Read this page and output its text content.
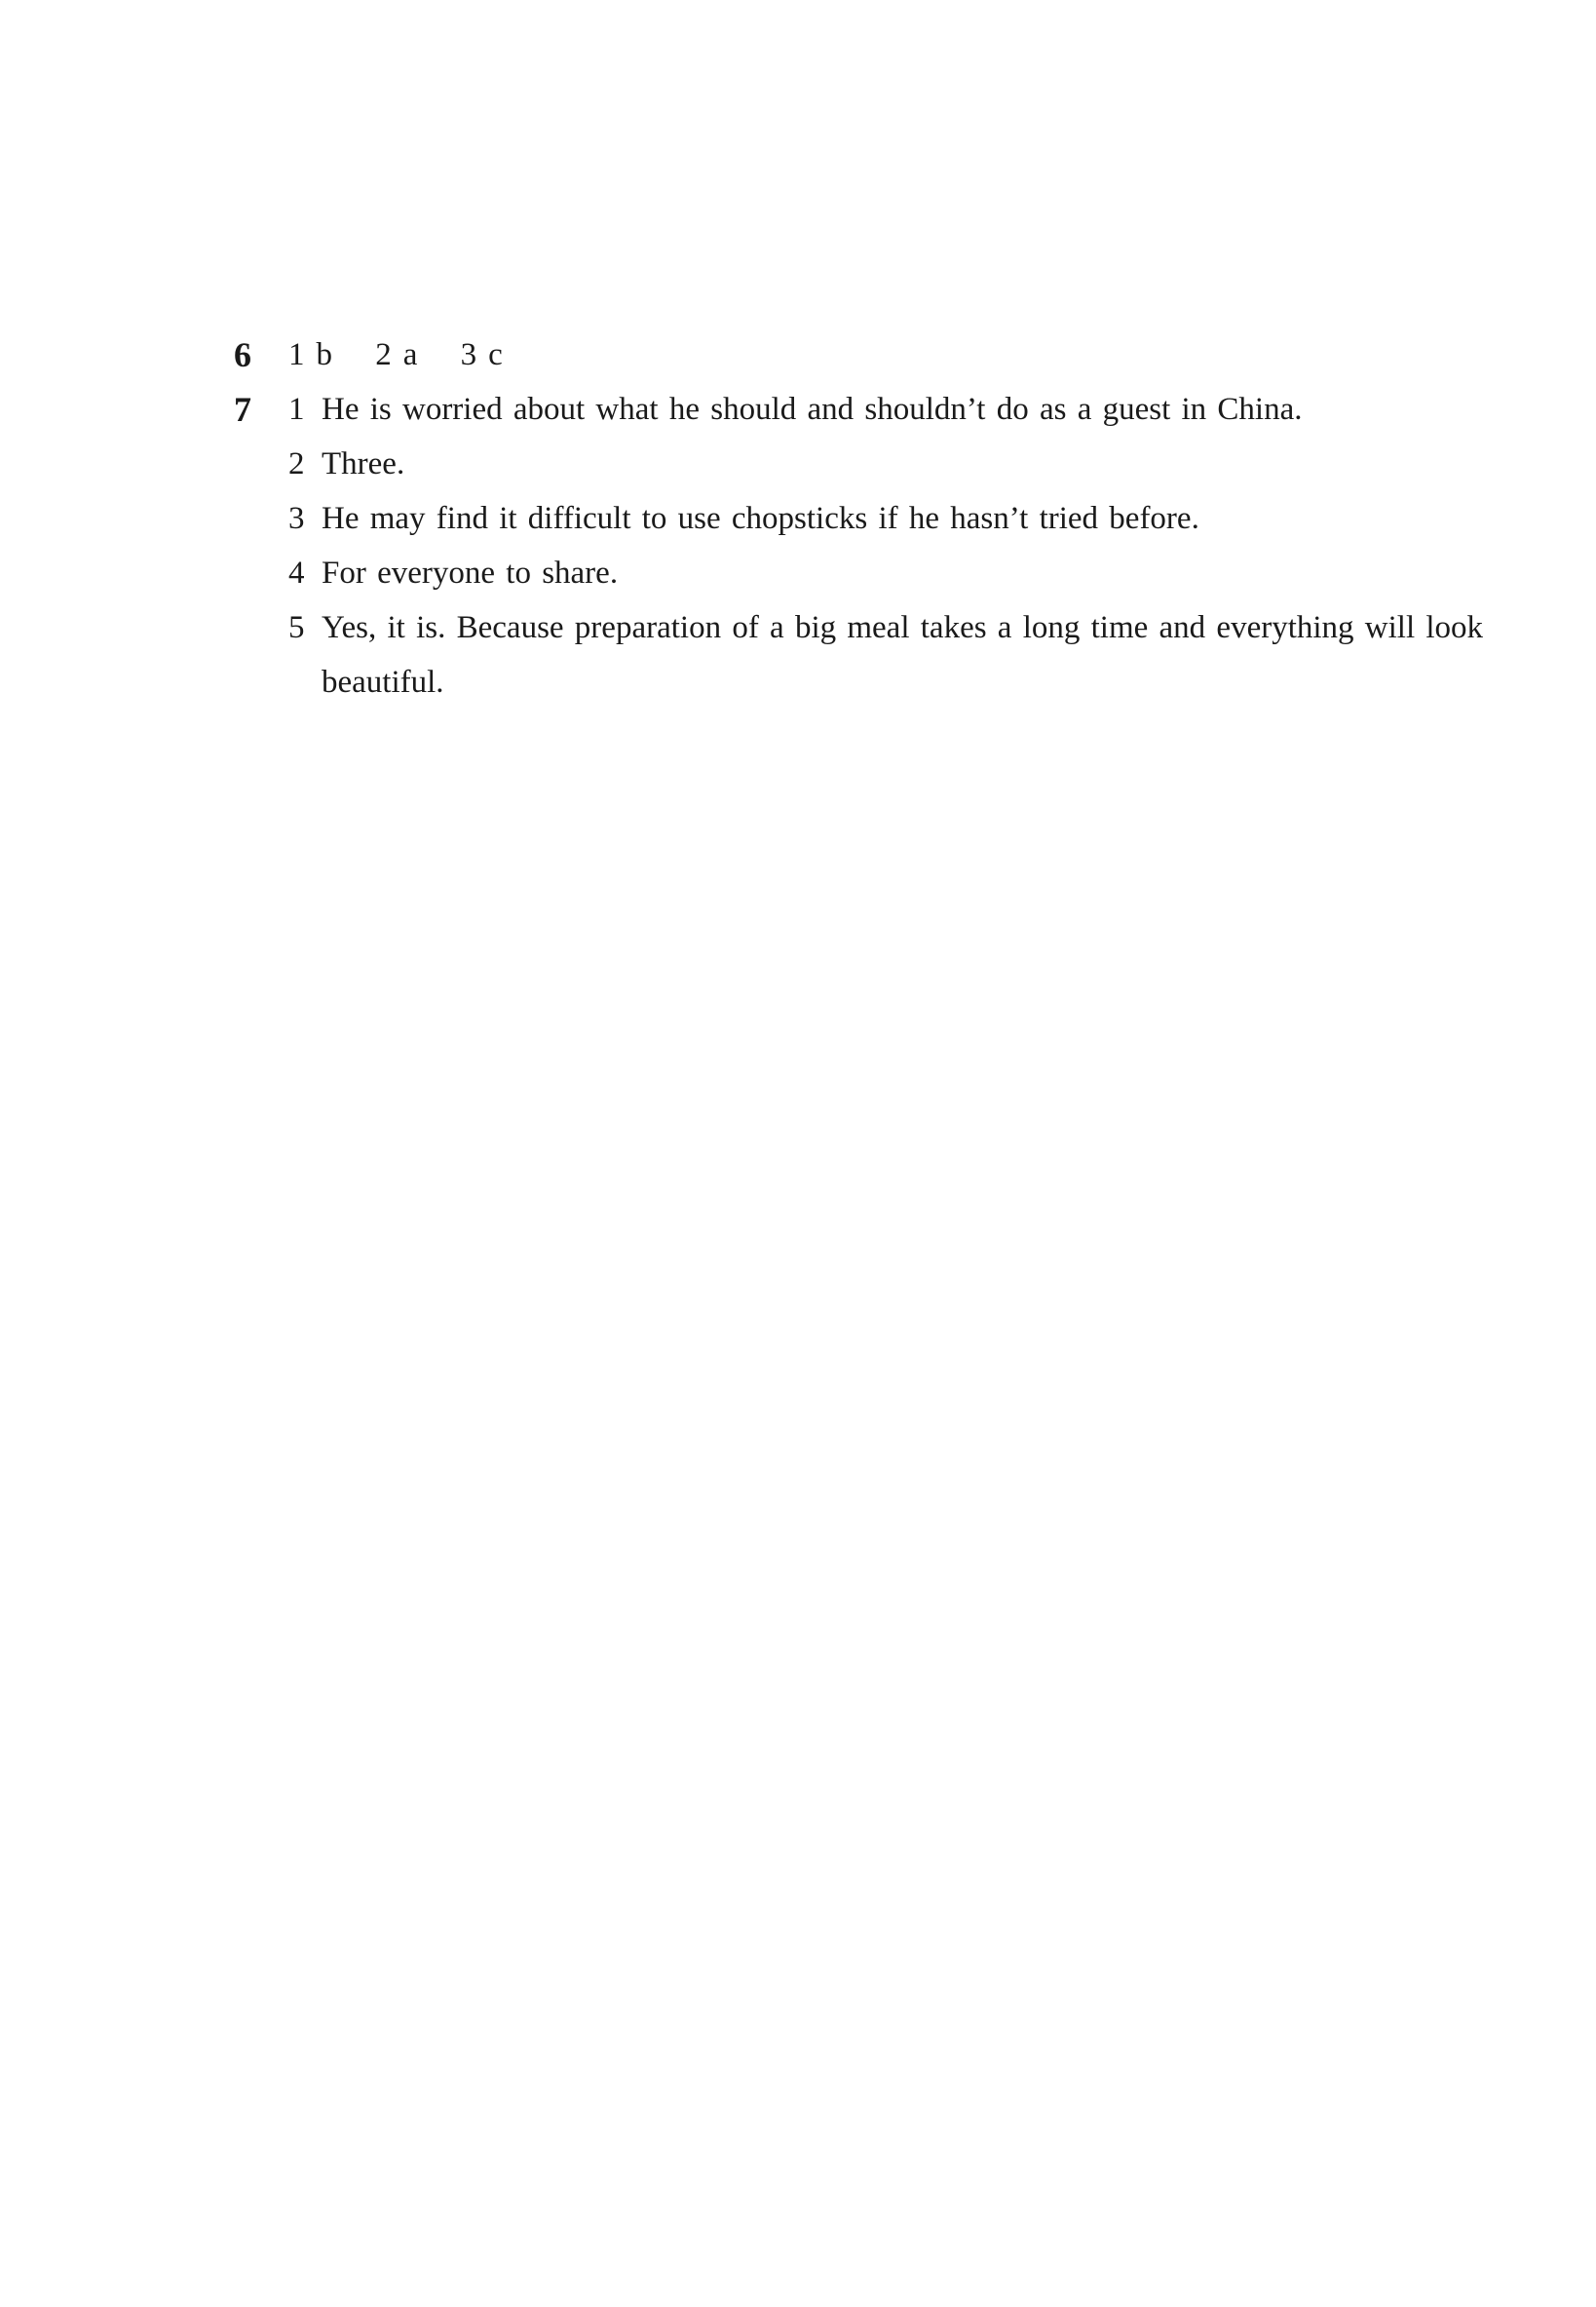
6 1 b 2 a 3 c
7 1 He is worried about what he should and shouldn’t do as a guest in China.
2 Three.
3 He may find it difficult to use chopsticks if he hasn’t tried before.
4 For everyone to share.
5 Yes, it is. Because preparation of a big meal takes a long time and everything will look beautiful.
